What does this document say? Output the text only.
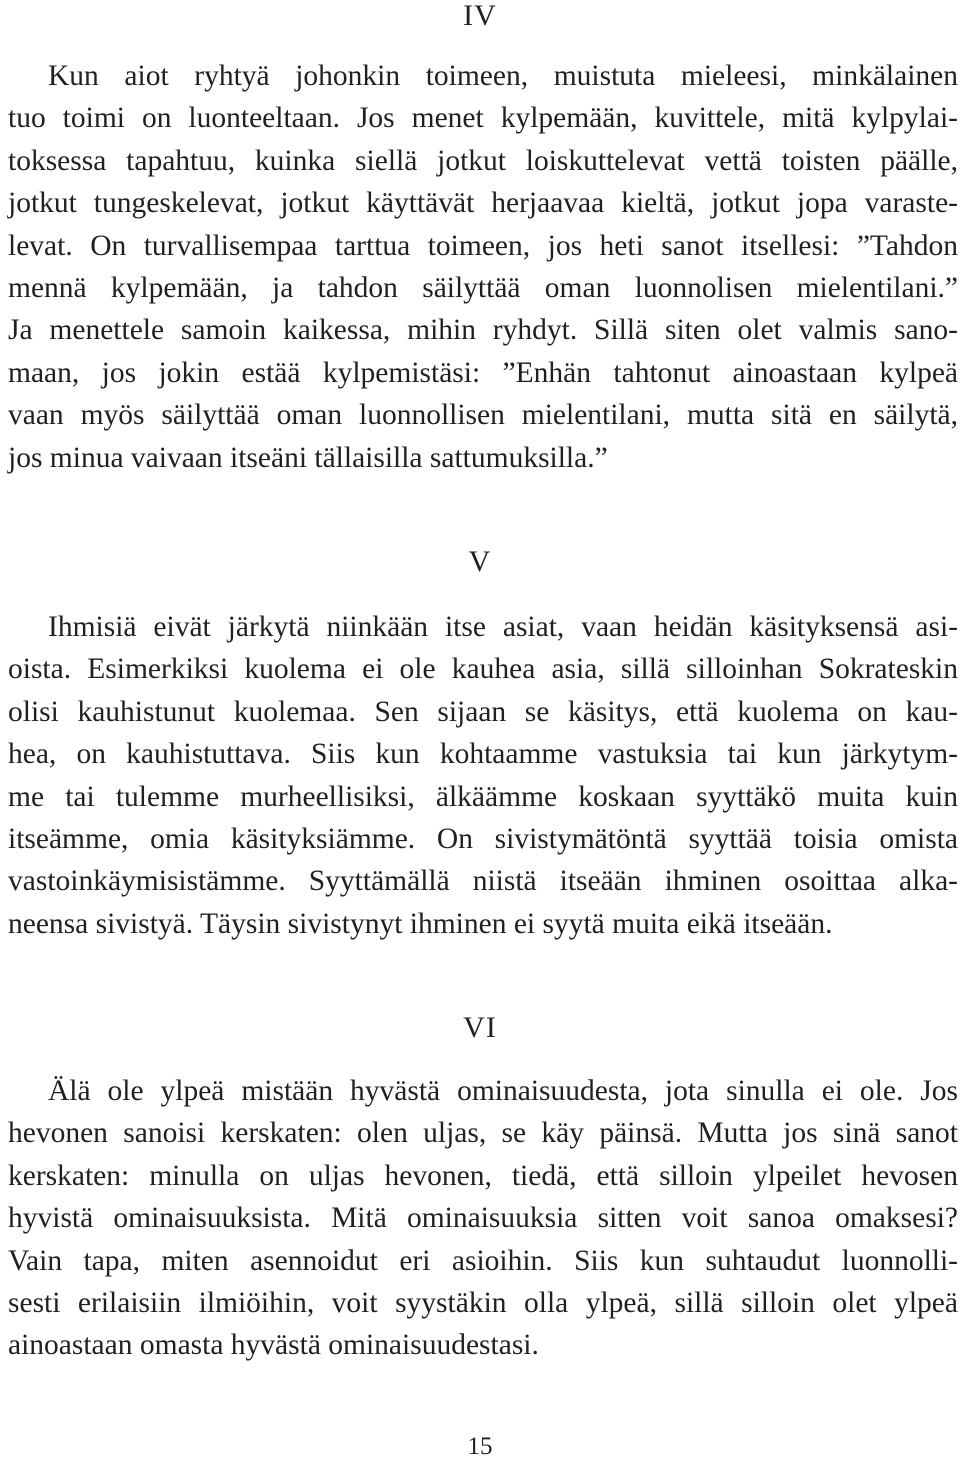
IV
Kun aiot ryhtyä johonkin toimeen, muistuta mieleesi, minkälainen
tuo toimi on luonteeltaan. Jos menet kylpemään, kuvittele, mitä kylpylai-
toksessa tapahtuu, kuinka siellä jotkut loiskuttelevat vettä toisten päälle,
jotkut tungeskelevat, jotkut käyttävät herjaavaa kieltä, jotkut jopa varaste-
levat. On turvallisempaa tarttua toimeen, jos heti sanot itsellesi: ”Tahdon
mennä kylpemään, ja tahdon säilyttää oman luonnolisen mielentilani.”
Ja menettele samoin kaikessa, mihin ryhdyt. Sillä siten olet valmis sano-
maan, jos jokin estää kylpemistäsi: ”Enhän tahtonut ainoastaan kylpeä
vaan myös säilyttää oman luonnollisen mielentilani, mutta sitä en säilytä,
jos minua vaivaan itseäni tällaisilla sattumuksilla.”
V
Ihmisiä eivät järkytä niinkään itse asiat, vaan heidän käsityksensä asi-
oista. Esimerkiksi kuolema ei ole kauhea asia, sillä silloinhan Sokrateskin
olisi kauhistunut kuolemaa. Sen sijaan se käsitys, että kuolema on kau-
hea, on kauhistuttava. Siis kun kohtaamme vastuksia tai kun järkytym-
me tai tulemme murheellisiksi, älkäämme koskaan syyttäkö muita kuin
itseämme, omia käsityksiämme. On sivistymätöntä syyttää toisia omista
vastoinkäymisistämme. Syyttämällä niistä itseään ihminen osoittaa alka-
neensa sivistyä. Täysin sivistynyt ihminen ei syytä muita eikä itseään.
VI
Älä ole ylpeä mistään hyvästä ominaisuudesta, jota sinulla ei ole. Jos
hevonen sanoisi kerskaten: olen uljas, se käy päinsä. Mutta jos sinä sanot
kerskaten: minulla on uljas hevonen, tiedä, että silloin ylpeilet hevosen
hyvistä ominaisuuksista. Mitä ominaisuuksia sitten voit sanoa omaksesi?
Vain tapa, miten asennoidut eri asioihin. Siis kun suhtaudut luonnolli-
sesti erilaisiin ilmiöihin, voit syystäkin olla ylpeä, sillä silloin olet ylpeä
ainoastaan omasta hyvästä ominaisuudestasi.
15
